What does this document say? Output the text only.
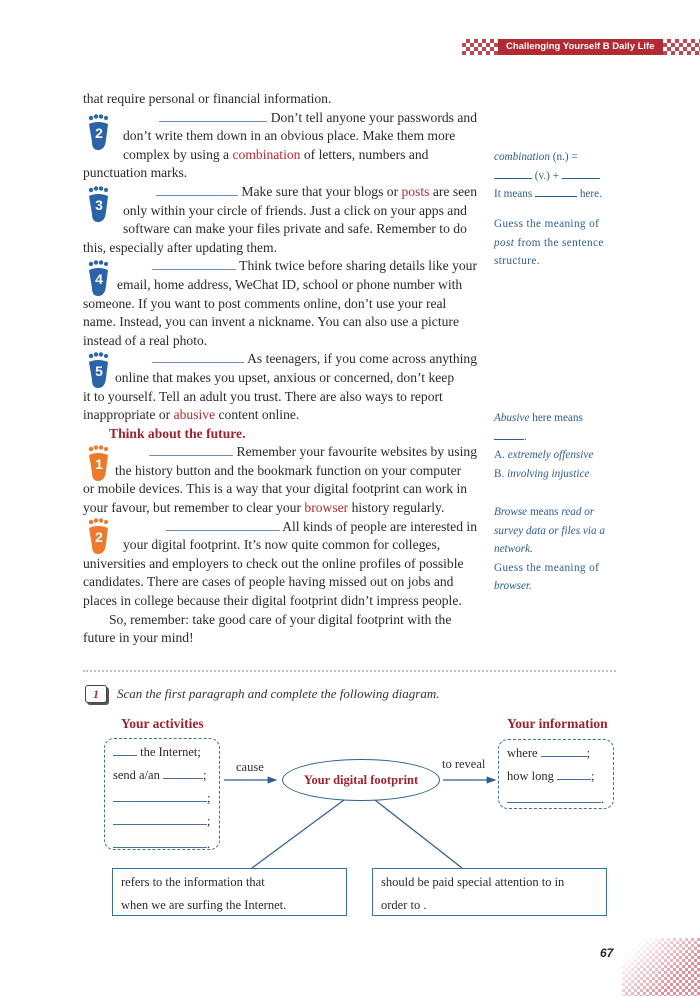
Challenging Yourself B Daily Life
2
3
4
5
1
2

that require personal or financial information.

Don’t tell anyone your passwords and

don’t write them down in an obvious place. Make them more

complex by using a combination of letters, numbers and

punctuation marks.

Make sure that your blogs or posts are seen

only within your circle of friends. Just a click on your apps and

software can make your files private and safe. Remember to do

this, especially after updating them.

Think twice before sharing details like your

email, home address, WeChat ID, school or phone number with

someone. If you want to post comments online, don’t use your real

name. Instead, you can invent a nickname. You can also use a picture

instead of a real photo.

As teenagers, if you come across anything

online that makes you upset, anxious or concerned, don’t keep

it to yourself. Tell an adult you trust. There are also ways to report

inappropriate or abusive content online.

Think about the future.

Remember your favourite websites by using

the history button and the bookmark function on your computer

or mobile devices. This is a way that your digital footprint can work in

your favour, but remember to clear your browser history regularly.

All kinds of people are interested in

your digital footprint. It’s now quite common for colleges,

universities and employers to check out the online profiles of possible

candidates. There are cases of people having missed out on jobs and

places in college because their digital footprint didn’t impress people.

So, remember: take good care of your digital footprint with the

future in your mind!

combination (n.) =
(v.) +
It means	here.
Guess the meaning of
post from the sentence
structure.
Abusive here means
.
A. extremely offensive
B. involving injustice
Browse means read or
survey data or files via a
network.
Guess the meaning of
browser.
1	Scan the first paragraph and complete the following diagram.
Your activities	Your information
the Internet;
send a/an	;
;
;
.
cause	to reveal
Your digital footprint
where	;
how long	;
.
refers to the information that
when we are surfing the Internet.
should be paid special attention to in
order to .
67
